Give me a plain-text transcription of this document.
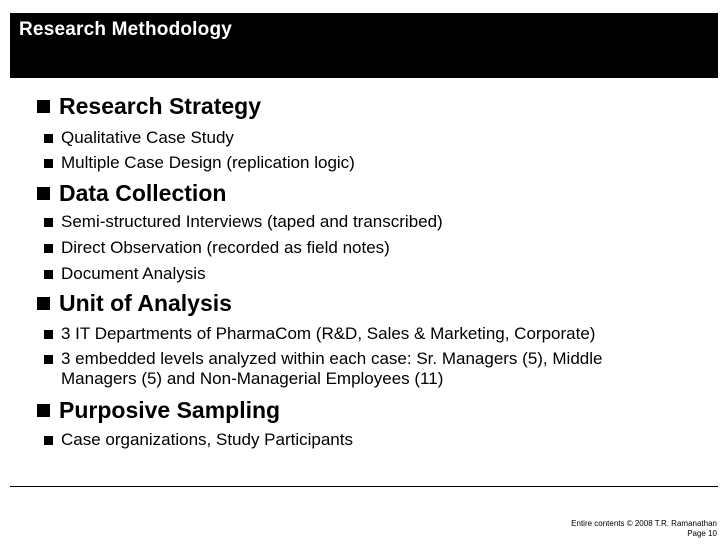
Research Methodology
Research Strategy
Qualitative Case Study
Multiple Case Design (replication logic)
Data Collection
Semi-structured Interviews (taped and transcribed)
Direct Observation (recorded as field notes)
Document Analysis
Unit of Analysis
3 IT Departments of PharmaCom (R&D, Sales & Marketing, Corporate)
3 embedded levels analyzed within each case: Sr. Managers (5), Middle
Managers (5) and Non-Managerial Employees (11)
Purposive Sampling
Case organizations, Study Participants
Entire contents © 2008 T.R. Ramanathan
Page 10
